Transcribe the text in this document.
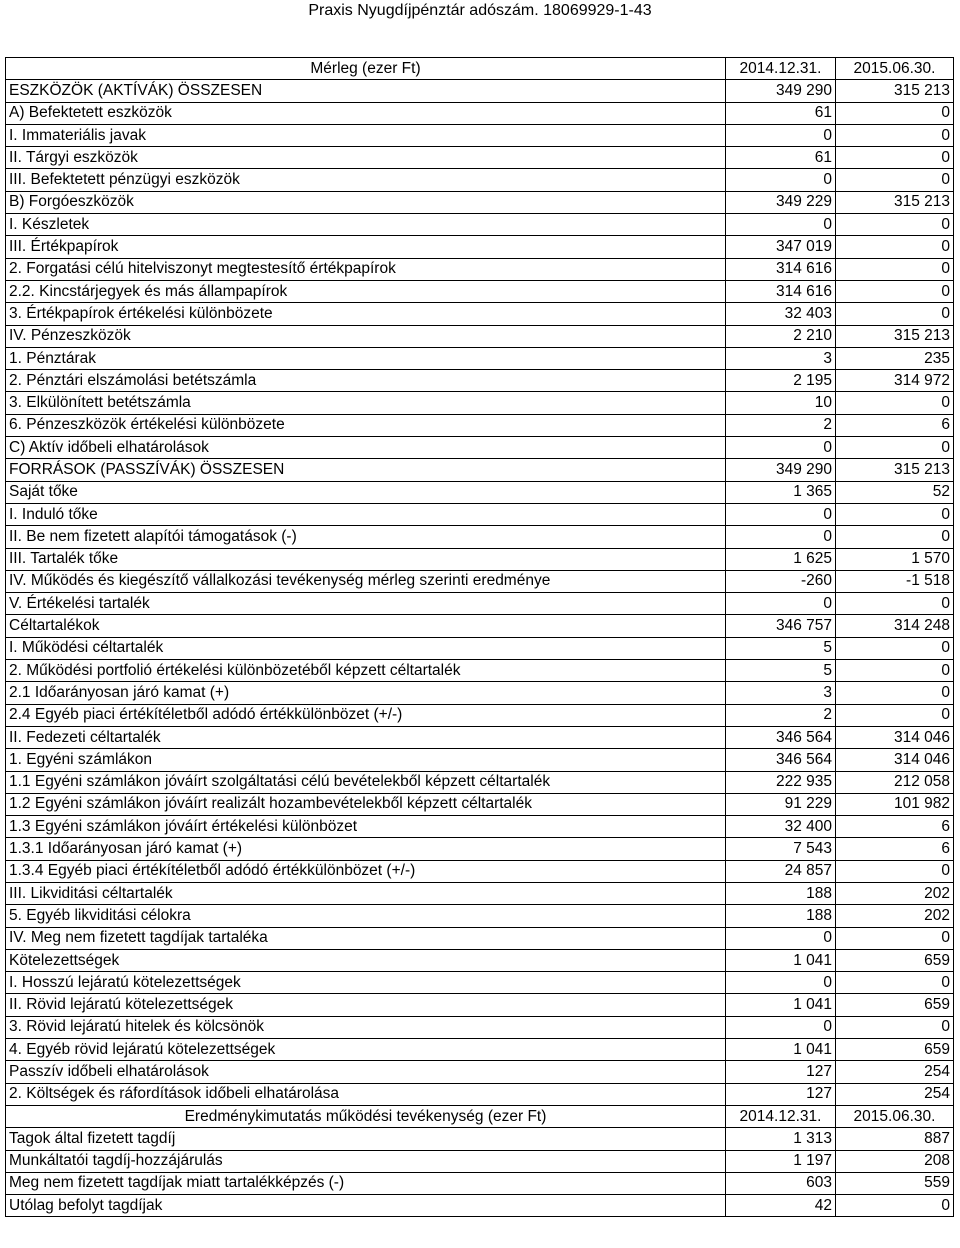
Praxis Nyugdíjpénztár adószám. 18069929-1-43
Mérleg (ezer Ft)	2014.12.31.	2015.06.30.
ESZKÖZÖK (AKTÍVÁK) ÖSSZESEN	349 290	315 213
A) Befektetett eszközök	61	0
I. Immateriális javak	0	0
II. Tárgyi eszközök	61	0
III. Befektetett pénzügyi eszközök	0	0
B) Forgóeszközök	349 229	315 213
I. Készletek	0	0
III. Értékpapírok	347 019	0
2. Forgatási célú hitelviszonyt megtestesítő értékpapírok	314 616	0
2.2. Kincstárjegyek és más állampapírok	314 616	0
3. Értékpapírok értékelési különbözete	32 403	0
IV. Pénzeszközök	2 210	315 213
1. Pénztárak	3	235
2. Pénztári elszámolási betétszámla	2 195	314 972
3. Elkülönített betétszámla	10	0
6. Pénzeszközök értékelési különbözete	2	6
C) Aktív időbeli elhatárolások	0	0
FORRÁSOK (PASSZÍVÁK) ÖSSZESEN	349 290	315 213
Saját tőke	1 365	52
I. Induló tőke	0	0
II. Be nem fizetett alapítói támogatások (-)	0	0
III. Tartalék tőke	1 625	1 570
IV. Működés és kiegészítő vállalkozási tevékenység mérleg szerinti eredménye	-260	-1 518
V. Értékelési tartalék	0	0
Céltartalékok	346 757	314 248
I. Működési céltartalék	5	0
2. Működési portfolió értékelési különbözetéből képzett céltartalék	5	0
2.1 Időarányosan járó kamat (+)	3	0
2.4 Egyéb piaci értékítéletből adódó értékkülönbözet (+/-)	2	0
II. Fedezeti céltartalék	346 564	314 046
1. Egyéni számlákon	346 564	314 046
1.1 Egyéni számlákon jóváírt szolgáltatási célú bevételekből képzett céltartalék	222 935	212 058
1.2 Egyéni számlákon jóváírt realizált hozambevételekből képzett céltartalék	91 229	101 982
1.3 Egyéni számlákon jóváírt értékelési különbözet	32 400	6
1.3.1 Időarányosan járó kamat (+)	7 543	6
1.3.4 Egyéb piaci értékítéletből adódó értékkülönbözet (+/-)	24 857	0
III. Likviditási céltartalék	188	202
5. Egyéb likviditási célokra	188	202
IV. Meg nem fizetett tagdíjak tartaléka	0	0
Kötelezettségek	1 041	659
I. Hosszú lejáratú kötelezettségek	0	0
II. Rövid lejáratú kötelezettségek	1 041	659
3. Rövid lejáratú hitelek és kölcsönök	0	0
4. Egyéb rövid lejáratú kötelezettségek	1 041	659
Passzív időbeli elhatárolások	127	254
2. Költségek és ráfordítások időbeli elhatárolása	127	254
Eredménykimutatás működési tevékenység (ezer Ft)	2014.12.31.	2015.06.30.
Tagok által fizetett tagdíj	1 313	887
Munkáltatói tagdíj-hozzájárulás	1 197	208
Meg nem fizetett tagdíjak miatt tartalékképzés (-)	603	559
Utólag befolyt tagdíjak	42	0
